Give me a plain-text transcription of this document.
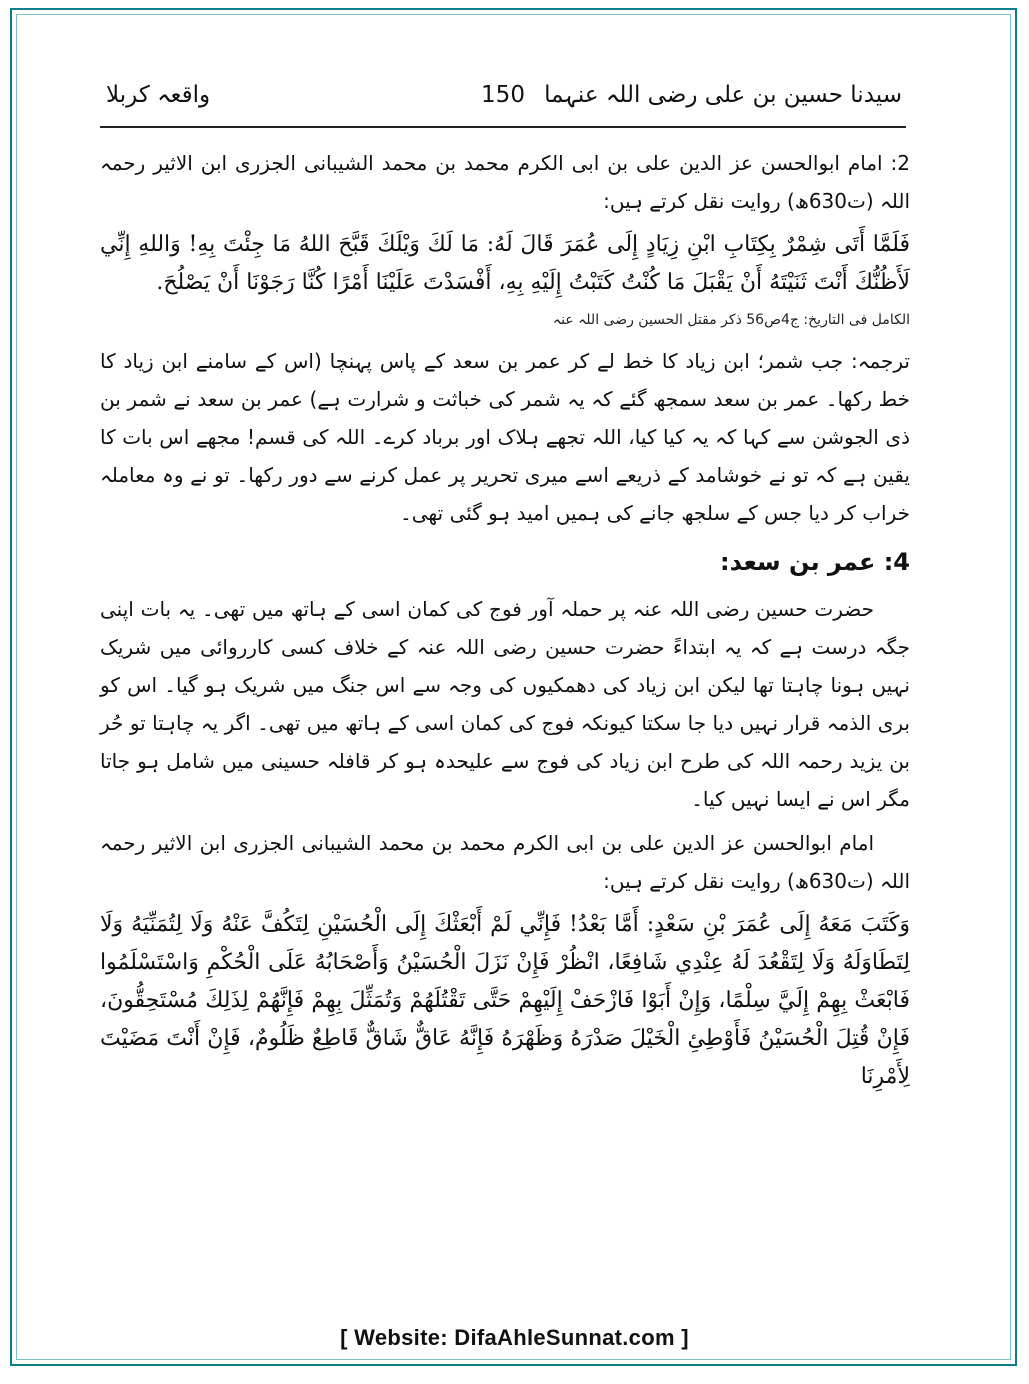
سیدنا حسین بن علی رضی اللہ عنہما
150
واقعہ کربلا

2: امام ابوالحسن عز الدین علی بن ابی الکرم محمد بن محمد الشیبانی الجزری ابن الاثیر رحمہ اللہ (ت630ھ) روایت نقل کرتے ہیں:

فَلَمَّا أَتَى شِمْرٌ بِكِتَابِ ابْنِ زِيَادٍ إِلَى عُمَرَ قَالَ لَهُ: مَا لَكَ وَيْلَكَ قَبَّحَ اللهُ مَا جِئْتَ بِهِ! وَاللهِ إِنِّي لَأَظُنُّكَ أَنْتَ ثَنَيْتَهُ أَنْ يَقْبَلَ مَا كُنْتُ كَتَبْتُ إِلَيْهِ بِهِ، أَفْسَدْتَ عَلَيْنَا أَمْرًا كُنَّا رَجَوْنَا أَنْ يَصْلُحَ.

الکامل فی التاریخ: ج4ص56 ذکر مقتل الحسین رضی اللہ عنہ

ترجمہ: جب شمر؛ ابن زیاد کا خط لے کر عمر بن سعد کے پاس پہنچا (اس کے سامنے ابن زیاد کا خط رکھا۔ عمر بن سعد سمجھ گئے کہ یہ شمر کی خباثت و شرارت ہے) عمر بن سعد نے شمر بن ذی الجوشن سے کہا کہ یہ کیا کیا، اللہ تجھے ہلاک اور برباد کرے۔ اللہ کی قسم! مجھے اس بات کا یقین ہے کہ تو نے خوشامد کے ذریعے اسے میری تحریر پر عمل کرنے سے دور رکھا۔ تو نے وہ معاملہ خراب کر دیا جس کے سلجھ جانے کی ہمیں امید ہو گئی تھی۔

4: عمر بن سعد:

حضرت حسین رضی اللہ عنہ پر حملہ آور فوج کی کمان اسی کے ہاتھ میں تھی۔ یہ بات اپنی جگہ درست ہے کہ یہ ابتداءً حضرت حسین رضی اللہ عنہ کے خلاف کسی کارروائی میں شریک نہیں ہونا چاہتا تھا لیکن ابن زیاد کی دھمکیوں کی وجہ سے اس جنگ میں شریک ہو گیا۔ اس کو بری الذمہ قرار نہیں دیا جا سکتا کیونکہ فوج کی کمان اسی کے ہاتھ میں تھی۔ اگر یہ چاہتا تو حُر بن یزید رحمہ اللہ کی طرح ابن زیاد کی فوج سے علیحدہ ہو کر قافلہ حسینی میں شامل ہو جاتا مگر اس نے ایسا نہیں کیا۔

امام ابوالحسن عز الدین علی بن ابی الکرم محمد بن محمد الشیبانی الجزری ابن الاثیر رحمہ اللہ (ت630ھ) روایت نقل کرتے ہیں:

وَكَتَبَ مَعَهُ إِلَى عُمَرَ بْنِ سَعْدٍ: أَمَّا بَعْدُ! فَإِنِّي لَمْ أَبْعَثْكَ إِلَى الْحُسَيْنِ لِتَكُفَّ عَنْهُ وَلَا لِتُمَنِّيَهُ وَلَا لِتَطَاوَلَهُ وَلَا لِتَقْعُدَ لَهُ عِنْدِي شَافِعًا، انْظُرْ فَإِنْ نَزَلَ الْحُسَيْنُ وَأَصْحَابُهُ عَلَى الْحُكْمِ وَاسْتَسْلَمُوا فَابْعَثْ بِهِمْ إِلَيَّ سِلْمًا، وَإِنْ أَبَوْا فَازْحَفْ إِلَيْهِمْ حَتَّى تَقْتُلَهُمْ وَتُمَثِّلَ بِهِمْ فَإِنَّهُمْ لِذَلِكَ مُسْتَحِقُّونَ، فَإِنْ قُتِلَ الْحُسَيْنُ فَأَوْطِئِ الْخَيْلَ صَدْرَهُ وَظَهْرَهُ فَإِنَّهُ عَاقٌّ شَاقٌّ قَاطِعٌ ظَلُومٌ، فَإِنْ أَنْتَ مَضَيْتَ لِأَمْرِنَا

[ Website: DifaAhleSunnat.com ]
